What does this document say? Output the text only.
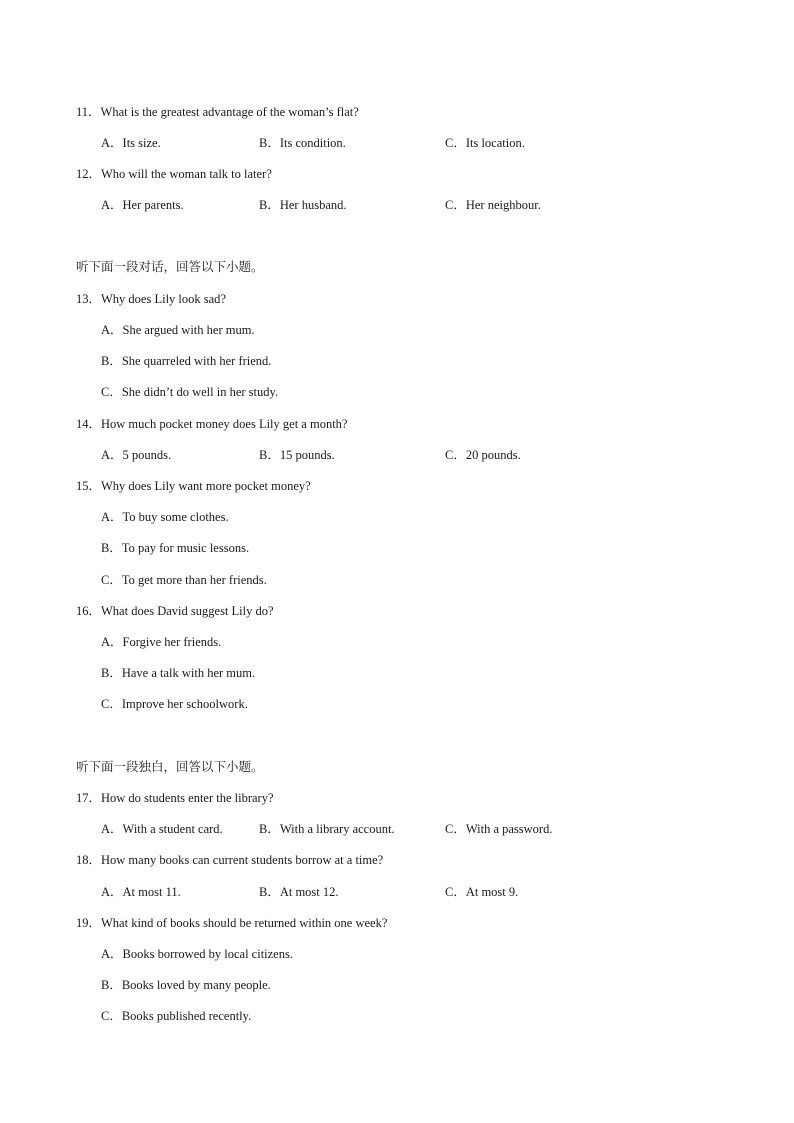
11．What is the greatest advantage of the woman’s flat?
A．Its size.	B．Its condition.	C．Its location.
12．Who will the woman talk to later?
A．Her parents.	B．Her husband.	C．Her neighbour.
听下面一段对话，回答以下小题。
13．Why does Lily look sad?
A．She argued with her mum.
B．She quarreled with her friend.
C．She didn’t do well in her study.
14．How much pocket money does Lily get a month?
A．5 pounds.	B．15 pounds.	C．20 pounds.
15．Why does Lily want more pocket money?
A．To buy some clothes.
B．To pay for music lessons.
C．To get more than her friends.
16．What does David suggest Lily do?
A．Forgive her friends.
B．Have a talk with her mum.
C．Improve her schoolwork.
听下面一段独白，回答以下小题。
17．How do students enter the library?
A．With a student card.	B．With a library account.	C．With a password.
18．How many books can current students borrow at a time?
A．At most 11.	B．At most 12.	C．At most 9.
19．What kind of books should be returned within one week?
A．Books borrowed by local citizens.
B．Books loved by many people.
C．Books published recently.
